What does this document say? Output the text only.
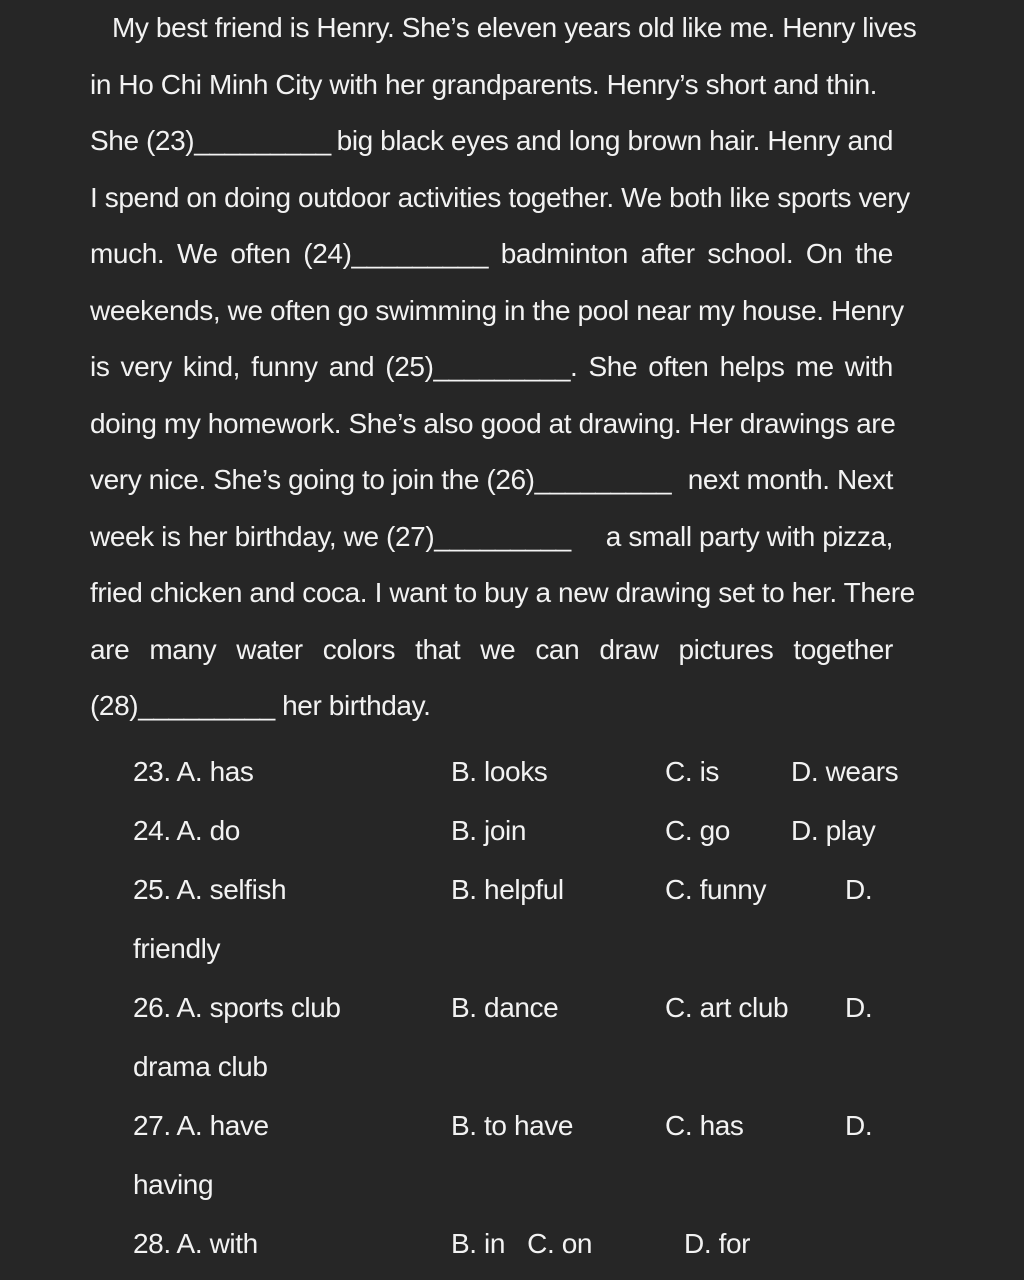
My best friend is Henry. She’s eleven years old like me. Henry lives
in Ho Chi Minh City with her grandparents. Henry’s short and thin.
She (23)_________ big black eyes and long brown hair. Henry and
I spend on doing outdoor activities together. We both like sports very
much. We often (24)_________ badminton after school. On the
weekends, we often go swimming in the pool near my house. Henry
is very kind, funny and (25)_________. She often helps me with
doing my homework. She’s also good at drawing. Her drawings are
very nice. She’s going to join the (26)_________ next month. Next
week is her birthday, we (27)_________ a small party with pizza,
fried chicken and coca. I want to buy a new drawing set to her. There
are many water colors that we can draw pictures together
(28)_________ her birthday.
23. A. has	B. looks	C. is	D. wears
24. A. do	B. join	C. go D. play
25. A. selfish	B. helpful	C. funny	D.
friendly
26. A. sports club	B. dance	C. art club D.
drama club
27. A. have	B. to have	C. has	D.
having
28. A. with	B. in   C. on	D. for
